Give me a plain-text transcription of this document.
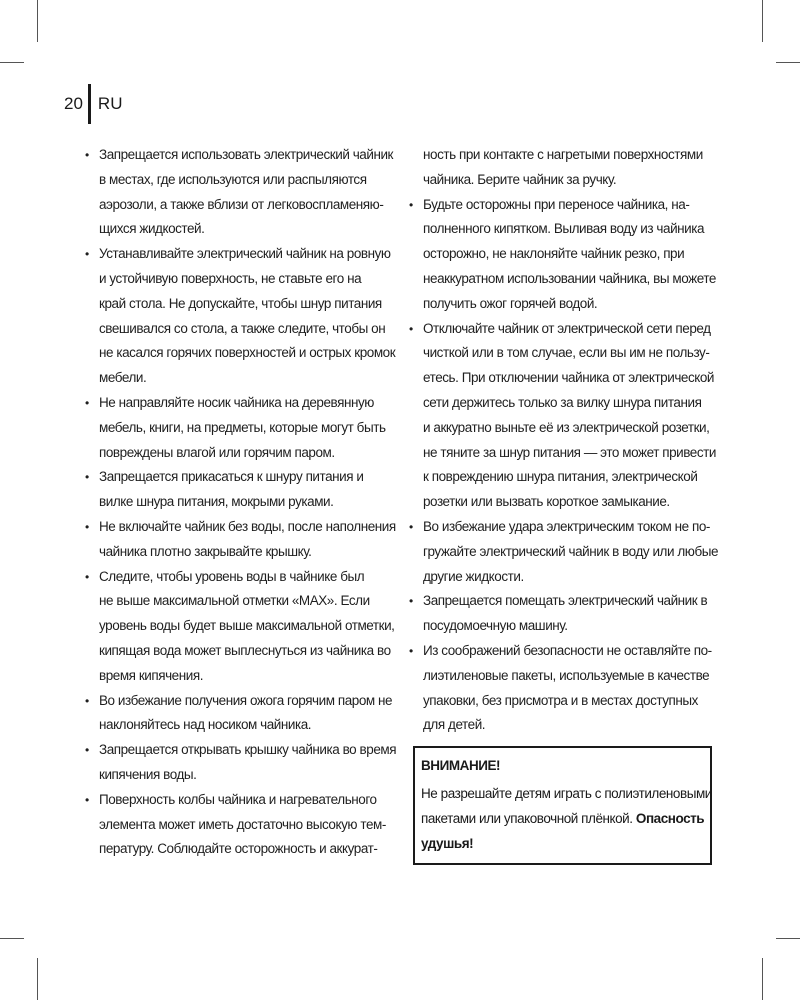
20 RU
• Запрещается использовать электрический чайник
в местах, где используются или распыляются
аэрозоли, а также вблизи от легковоспламеняю-
щихся жидкостей.
• Устанавливайте электрический чайник на ровную
и устойчивую поверхность, не ставьте его на
край стола. Не допускайте, чтобы шнур питания
свешивался со стола, а также следите, чтобы он
не касался горячих поверхностей и острых кромок
мебели.
• Не направляйте носик чайника на деревянную
мебель, книги, на предметы, которые могут быть
повреждены влагой или горячим паром.
• Запрещается прикасаться к шнуру питания и
вилке шнура питания, мокрыми руками.
• Не включайте чайник без воды, после наполнения
чайника плотно закрывайте крышку.
• Следите, чтобы уровень воды в чайнике был
не выше максимальной отметки «MAX». Если
уровень воды будет выше максимальной отметки,
кипящая вода может выплеснуться из чайника во
время кипячения.
• Во избежание получения ожога горячим паром не
наклоняйтесь над носиком чайника.
• Запрещается открывать крышку чайника во время
кипячения воды.
• Поверхность колбы чайника и нагревательного
элемента может иметь достаточно высокую тем-
пературу. Соблюдайте осторожность и аккурат-
ность при контакте с нагретыми поверхностями
чайника. Берите чайник за ручку.
• Будьте осторожны при переносе чайника, на-
полненного кипятком. Выливая воду из чайника
осторожно, не наклоняйте чайник резко, при
неаккуратном использовании чайника, вы можете
получить ожог горячей водой.
• Отключайте чайник от электрической сети перед
чисткой или в том случае, если вы им не пользу-
етесь. При отключении чайника от электрической
сети держитесь только за вилку шнура питания
и аккуратно выньте её из электрической розетки,
не тяните за шнур питания — это может привести
к повреждению шнура питания, электрической
розетки или вызвать короткое замыкание.
• Во избежание удара электрическим током не по-
гружайте электрический чайник в воду или любые
другие жидкости.
• Запрещается помещать электрический чайник в
посудомоечную машину.
• Из соображений безопасности не оставляйте по-
лиэтиленовые пакеты, используемые в качестве
упаковки, без присмотра и в местах доступных
для детей.
ВНИМАНИЕ!
Не разрешайте детям играть с полиэтиленовыми
пакетами или упаковочной плёнкой. Опасность
удушья!
